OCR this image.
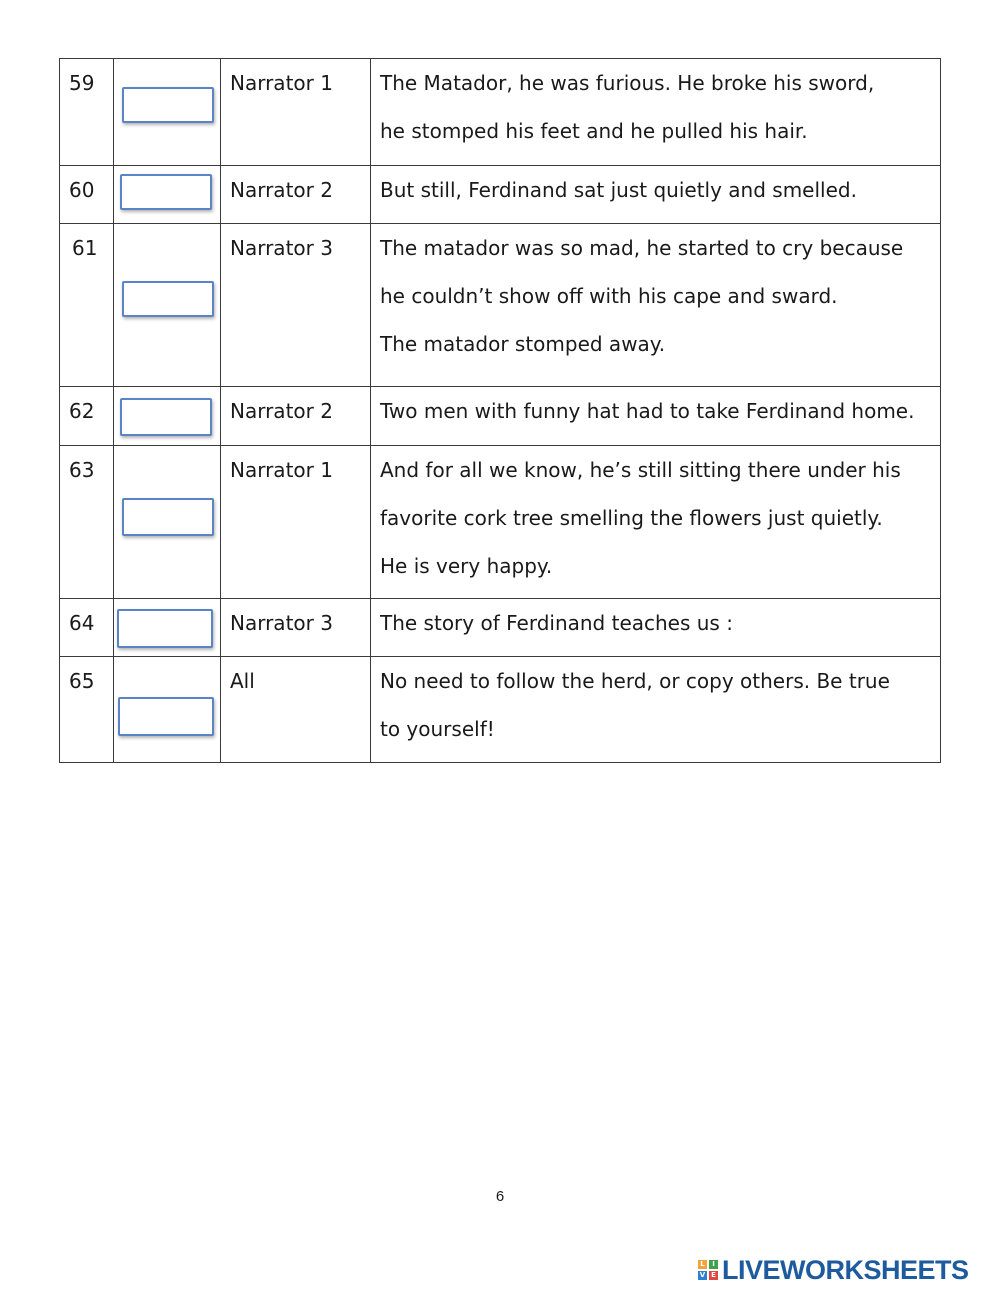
59		Narrator 1	The Matador, he was furious. He broke his sword,

he stomped his feet and he pulled his hair.

60		Narrator 2	But still, Ferdinand sat just quietly and smelled.

61		Narrator 3	The matador was so mad, he started to cry because

he couldn’t show off with his cape and sward.

The matador stomped away.

62		Narrator 2	Two men with funny hat had to take Ferdinand home.

63		Narrator 1	And for all we know, he’s still sitting there under his

favorite cork tree smelling the flowers just quietly.

He is very happy.

64		Narrator 3	The story of Ferdinand teaches us :

65		All	No need to follow the herd, or copy others. Be true

to yourself!

6
L	I
V E LIVEWORKSHEETS
